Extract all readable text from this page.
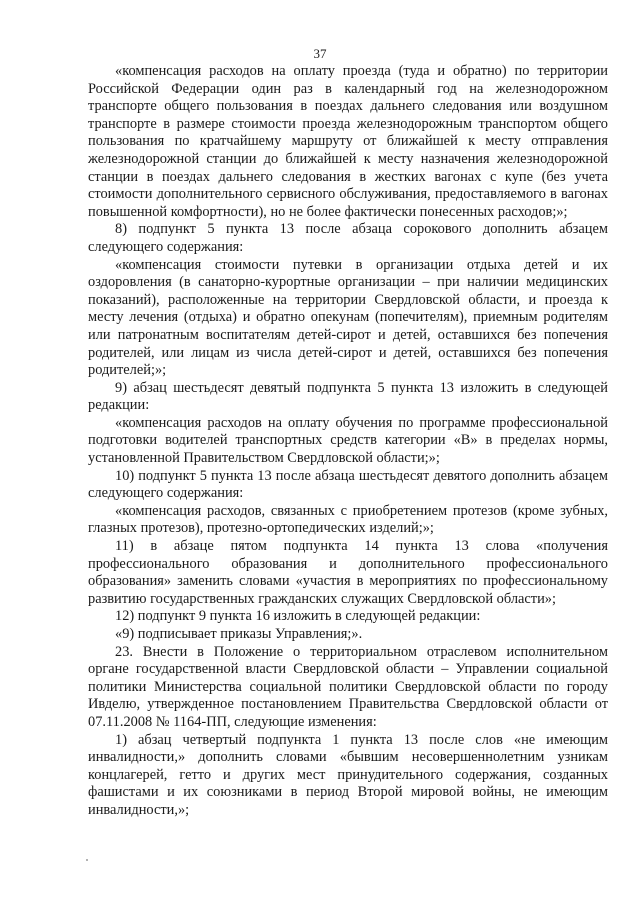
37

«компенсация расходов на оплату проезда (туда и обратно) по территории Российской Федерации один раз в календарный год на железнодорожном транспорте общего пользования в поездах дальнего следования или воздушном транспорте в размере стоимости проезда железнодорожным транспортом общего пользования по кратчайшему маршруту от ближайшей к месту отправления железнодорожной станции до ближайшей к месту назначения железнодорожной станции в поездах дальнего следования в жестких вагонах с купе (без учета стоимости дополнительного сервисного обслуживания, предоставляемого в вагонах повышенной комфортности), но не более фактически понесенных расходов;»;

8) подпункт 5 пункта 13 после абзаца сорокового дополнить абзацем следующего содержания:

«компенсация стоимости путевки в организации отдыха детей и их оздоровления (в санаторно-курортные организации – при наличии медицинских показаний), расположенные на территории Свердловской области, и проезда к месту лечения (отдыха) и обратно опекунам (попечителям), приемным родителям или патронатным воспитателям детей-сирот и детей, оставшихся без попечения родителей, или лицам из числа детей-сирот и детей, оставшихся без попечения родителей;»;

9) абзац шестьдесят девятый подпункта 5 пункта 13 изложить в следующей редакции:

«компенсация расходов на оплату обучения по программе профессиональной подготовки водителей транспортных средств категории «B» в пределах нормы, установленной Правительством Свердловской области;»;

10) подпункт 5 пункта 13 после абзаца шестьдесят девятого дополнить абзацем следующего содержания:

«компенсация расходов, связанных с приобретением протезов (кроме зубных, глазных протезов), протезно-ортопедических изделий;»;

11) в абзаце пятом подпункта 14 пункта 13 слова «получения профессионального образования и дополнительного профессионального образования» заменить словами «участия в мероприятиях по профессиональному развитию государственных гражданских служащих Свердловской области»;

12) подпункт 9 пункта 16 изложить в следующей редакции:

«9) подписывает приказы Управления;».

23. Внести в Положение о территориальном отраслевом исполнительном органе государственной власти Свердловской области – Управлении социальной политики Министерства социальной политики Свердловской области по городу Ивделю, утвержденное постановлением Правительства Свердловской области от 07.11.2008 № 1164-ПП, следующие изменения:

1) абзац четвертый подпункта 1 пункта 13 после слов «не имеющим инвалидности,» дополнить словами «бывшим несовершеннолетним узникам концлагерей, гетто и других мест принудительного содержания, созданных фашистами и их союзниками в период Второй мировой войны, не имеющим инвалидности,»;
